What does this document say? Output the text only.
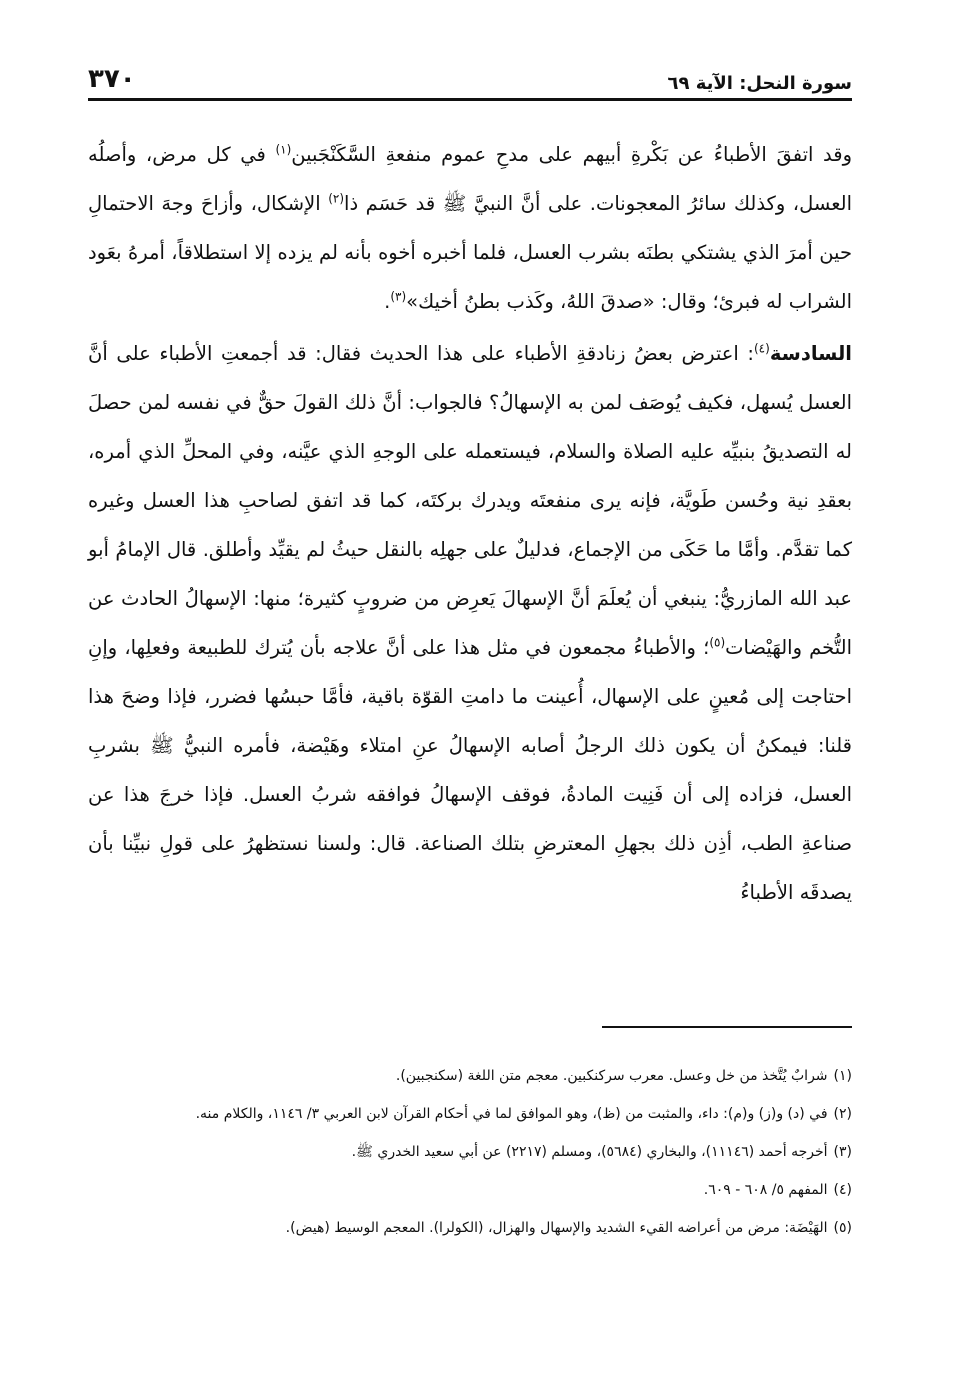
سورة النحل: الآية ٦٩
٣٧٠

وقد اتفقَ الأطباءُ عن بَكْرةِ أبيهم على مدحِ عموم منفعةِ السَّكَنْجَبين$^{(١)}$ في كل مرض، وأصلُه العسل، وكذلك سائرُ المعجونات. على أنَّ النبيَّ ﷺ قد حَسَم ذا$^{(٢)}$ الإشكال، وأزاحَ وجهَ الاحتمالِ حين أمرَ الذي يشتكي بطنَه بشرب العسل، فلما أخبره أخوه بأنه لم يزده إلا استطلاقاً، أمرهُ بعَود الشراب له فبرئ؛ وقال: «صدقَ اللهُ، وكَذب بطنُ أخيك»$^{(٣)}$.

السادسة$^{(٤)}$: اعترض بعضُ زنادقةِ الأطباء على هذا الحديث فقال: قد أجمعتِ الأطباء على أنَّ العسل يُسهل، فكيف يُوصَف لمن به الإسهالُ؟ فالجواب: أنَّ ذلك القولَ حقٌّ في نفسه لمن حصلَ له التصديقُ بنبيِّه عليه الصلاة والسلام، فيستعمله على الوجهِ الذي عيَّنه، وفي المحلِّ الذي أمره، بعقدِ نية وحُسن طَويَّة، فإنه يرى منفعتَه ويدرك بركتَه، كما قد اتفق لصاحبِ هذا العسل وغيره كما تقدَّم. وأمَّا ما حَكَى من الإجماع، فدليلٌ على جهلِه بالنقل حيثُ لم يقيِّد وأطلق. قال الإمامُ أبو عبد الله المازريُّ: ينبغي أن يُعلَمَ أنَّ الإسهالَ يَعرِض من ضروبٍ كثيرة؛ منها: الإسهالُ الحادث عن التُّخم والهَيْضات$^{(٥)}$؛ والأطباءُ مجمعون في مثل هذا على أنَّ علاجه بأن يُترك للطبيعة وفعلِها، وإنِ احتاجت إلى مُعينٍ على الإسهال، أُعينت ما دامتِ القوّة باقية، فأمَّا حبسُها فضرر، فإذا وضحَ هذا قلنا: فيمكنُ أن يكون ذلك الرجلُ أصابه الإسهالُ عنِ امتلاء وهَيْضة، فأمره النبيُّ ﷺ بشربِ العسل، فزاده إلى أن فَنِيت المادةُ، فوقف الإسهالُ فوافقه شربُ العسل. فإذا خرجَ هذا عن صناعةِ الطب، أذِن ذلك بجهلِ المعترضِ بتلك الصناعة. قال: ولسنا نستظهرُ على قولِ نبيِّنا بأن يصدقَه الأطباءُ

(١)شرابٌ يُتَّخذ من خل وعسل. معرب سركنكبين. معجم متن اللغة (سكنجبين).

(٢)في (د) و(ز) و(م): داء، والمثبت من (ظ)، وهو الموافق لما في أحكام القرآن لابن العربي ٣/ ١١٤٦، والكلام منه.

(٣)أخرجه أحمد (١١١٤٦)، والبخاري (٥٦٨٤)، ومسلم (٢٢١٧) عن أبي سعيد الخدري ﷺ.

(٤)المفهم ٥/ ٦٠٨ - ٦٠٩.

(٥)الهَيْضَة: مرض من أعراضه القيء الشديد والإسهال والهزال، (الكولرا). المعجم الوسيط (هيض).
